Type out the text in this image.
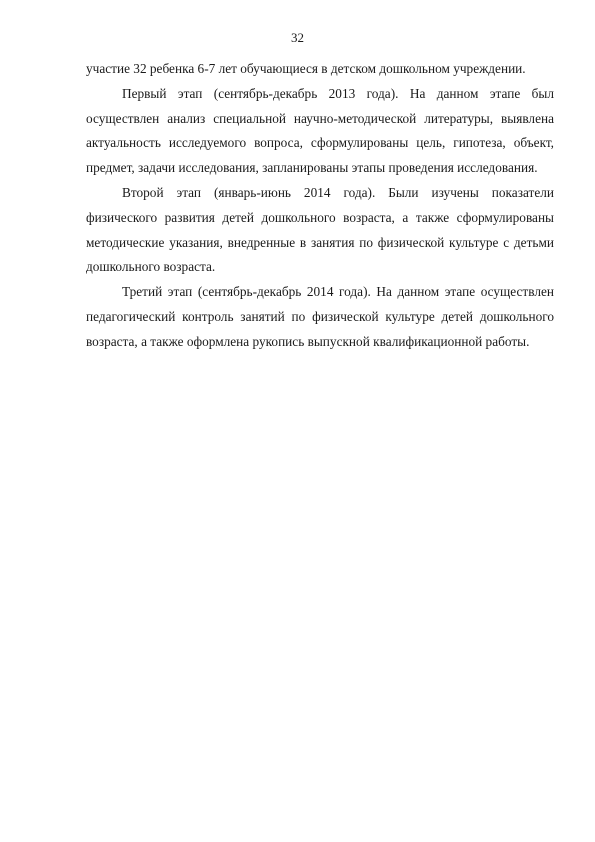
32

участие 32 ребенка 6-7 лет обучающиеся в детском дошкольном учреждении.

Первый этап (сентябрь-декабрь 2013 года). На данном этапе был осуществлен анализ специальной научно-методической литературы, выявлена актуальность исследуемого вопроса, сформулированы цель, гипотеза, объект, предмет, задачи исследования, запланированы этапы проведения исследования.

Второй этап (январь-июнь 2014 года). Были изучены показатели физического развития детей дошкольного возраста, а также сформулированы методические указания, внедренные в занятия по физической культуре с детьми дошкольного возраста.

Третий этап (сентябрь-декабрь 2014 года). На данном этапе осуществлен педагогический контроль занятий по физической культуре детей дошкольного возраста, а также оформлена рукопись выпускной квалификационной работы.
